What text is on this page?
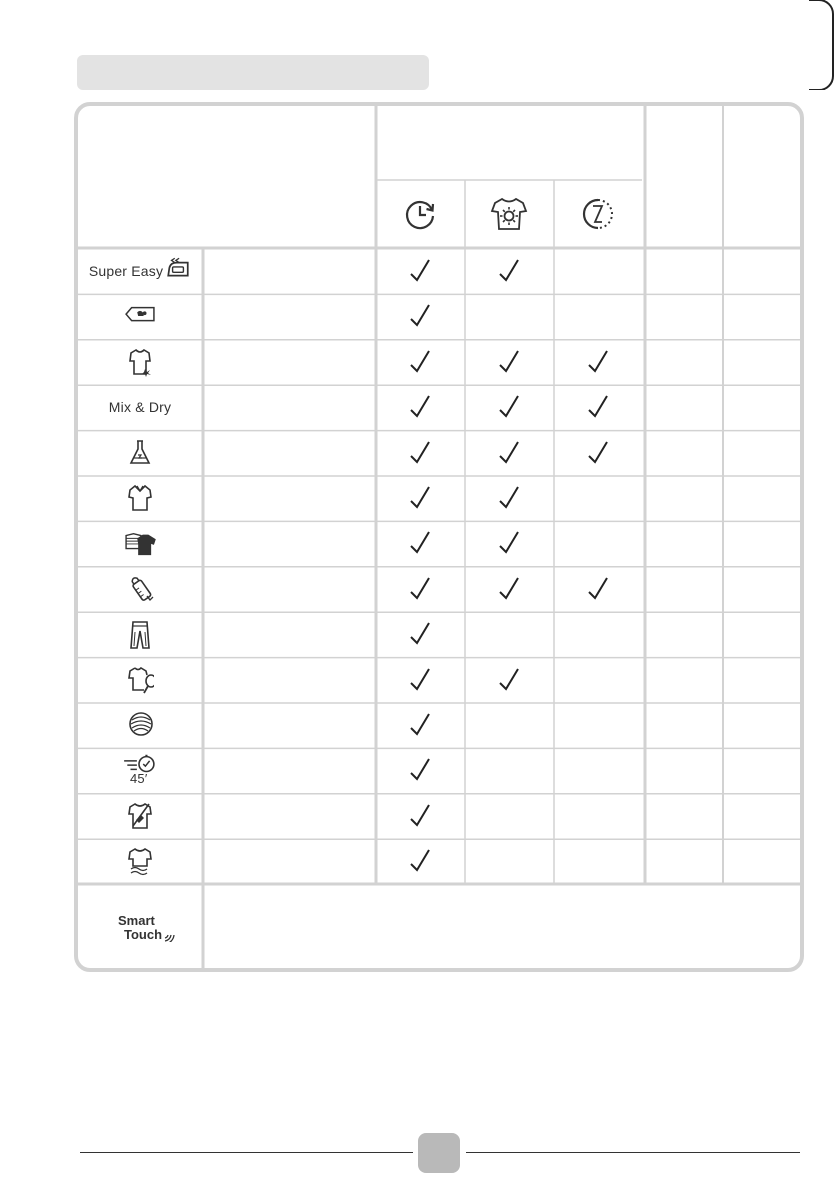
Super Easy
Mix & Dry
45′
Smart
Touch
